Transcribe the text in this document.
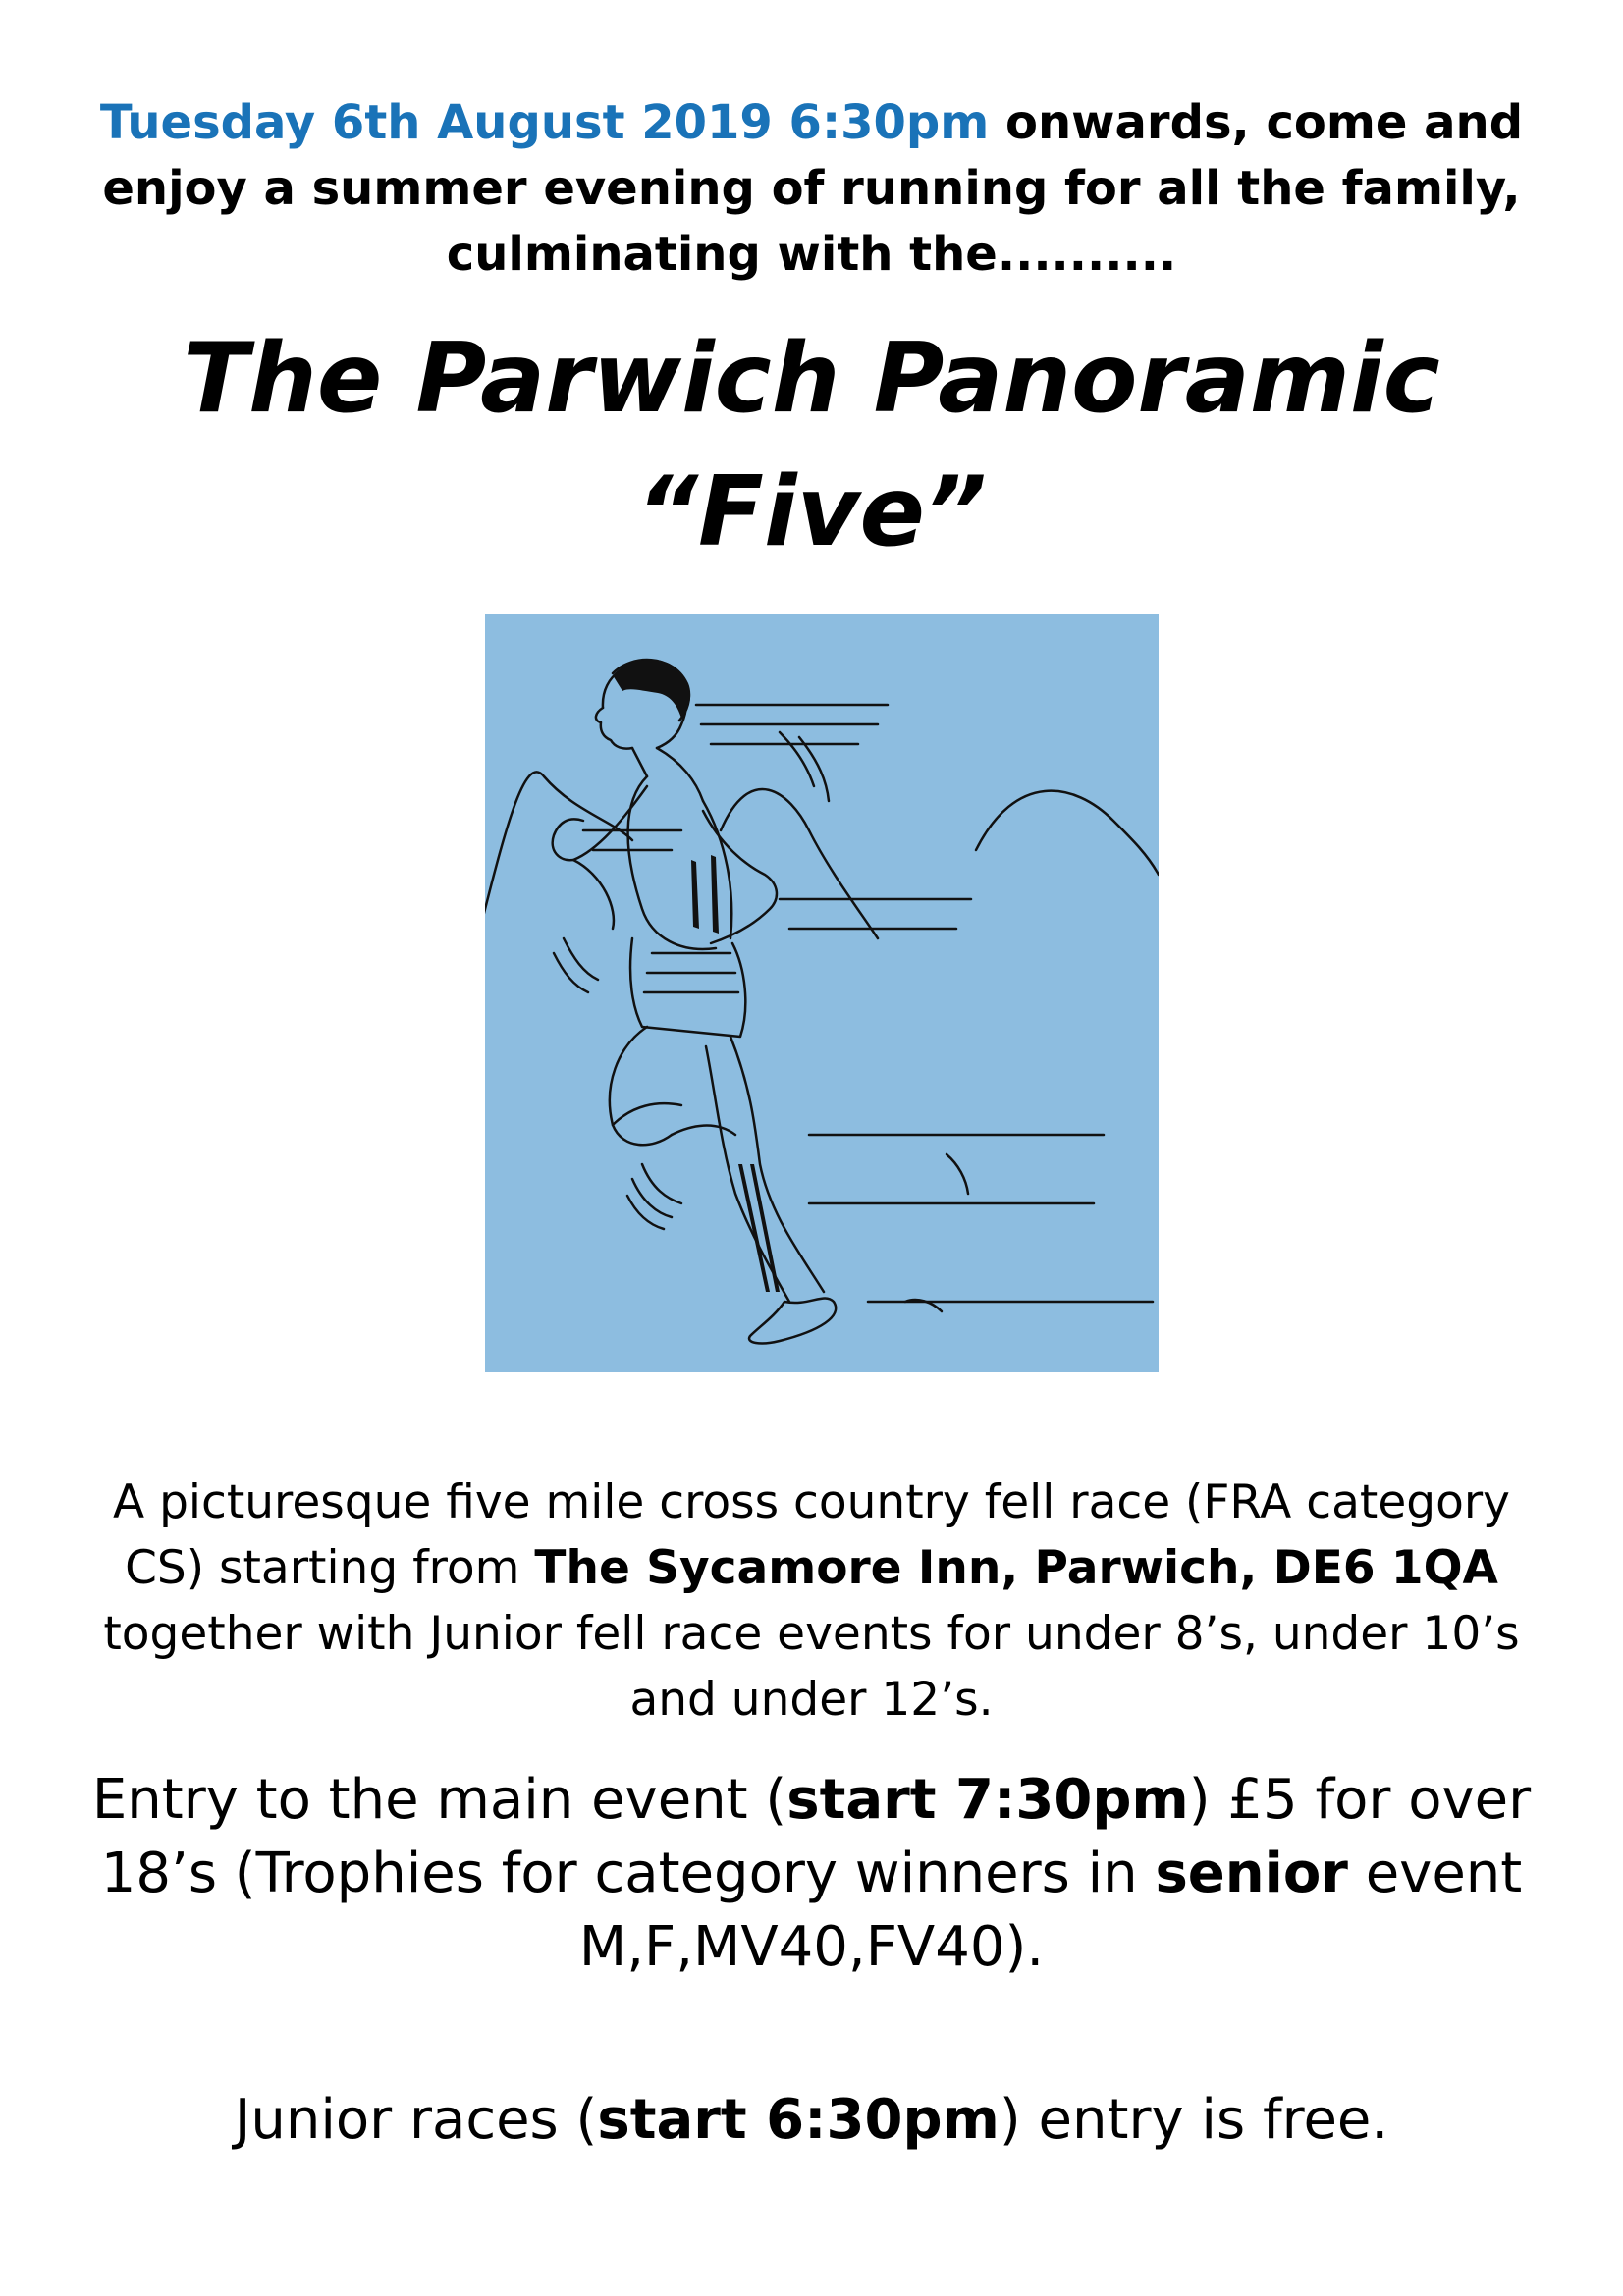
Tuesday 6th August 2019 6:30pm onwards, come and enjoy a summer evening of running for all the family, culminating with the..........

The Parwich Panoramic
“Five”

A picturesque five mile cross country fell race (FRA category CS) starting from The Sycamore Inn, Parwich, DE6 1QA together with Junior fell race events for under 8’s, under 10’s and under 12’s.

Entry to the main event (start 7:30pm) £5 for over 18’s (Trophies for category winners in senior event M,F,MV40,FV40).

Junior races (start 6:30pm) entry is free.
